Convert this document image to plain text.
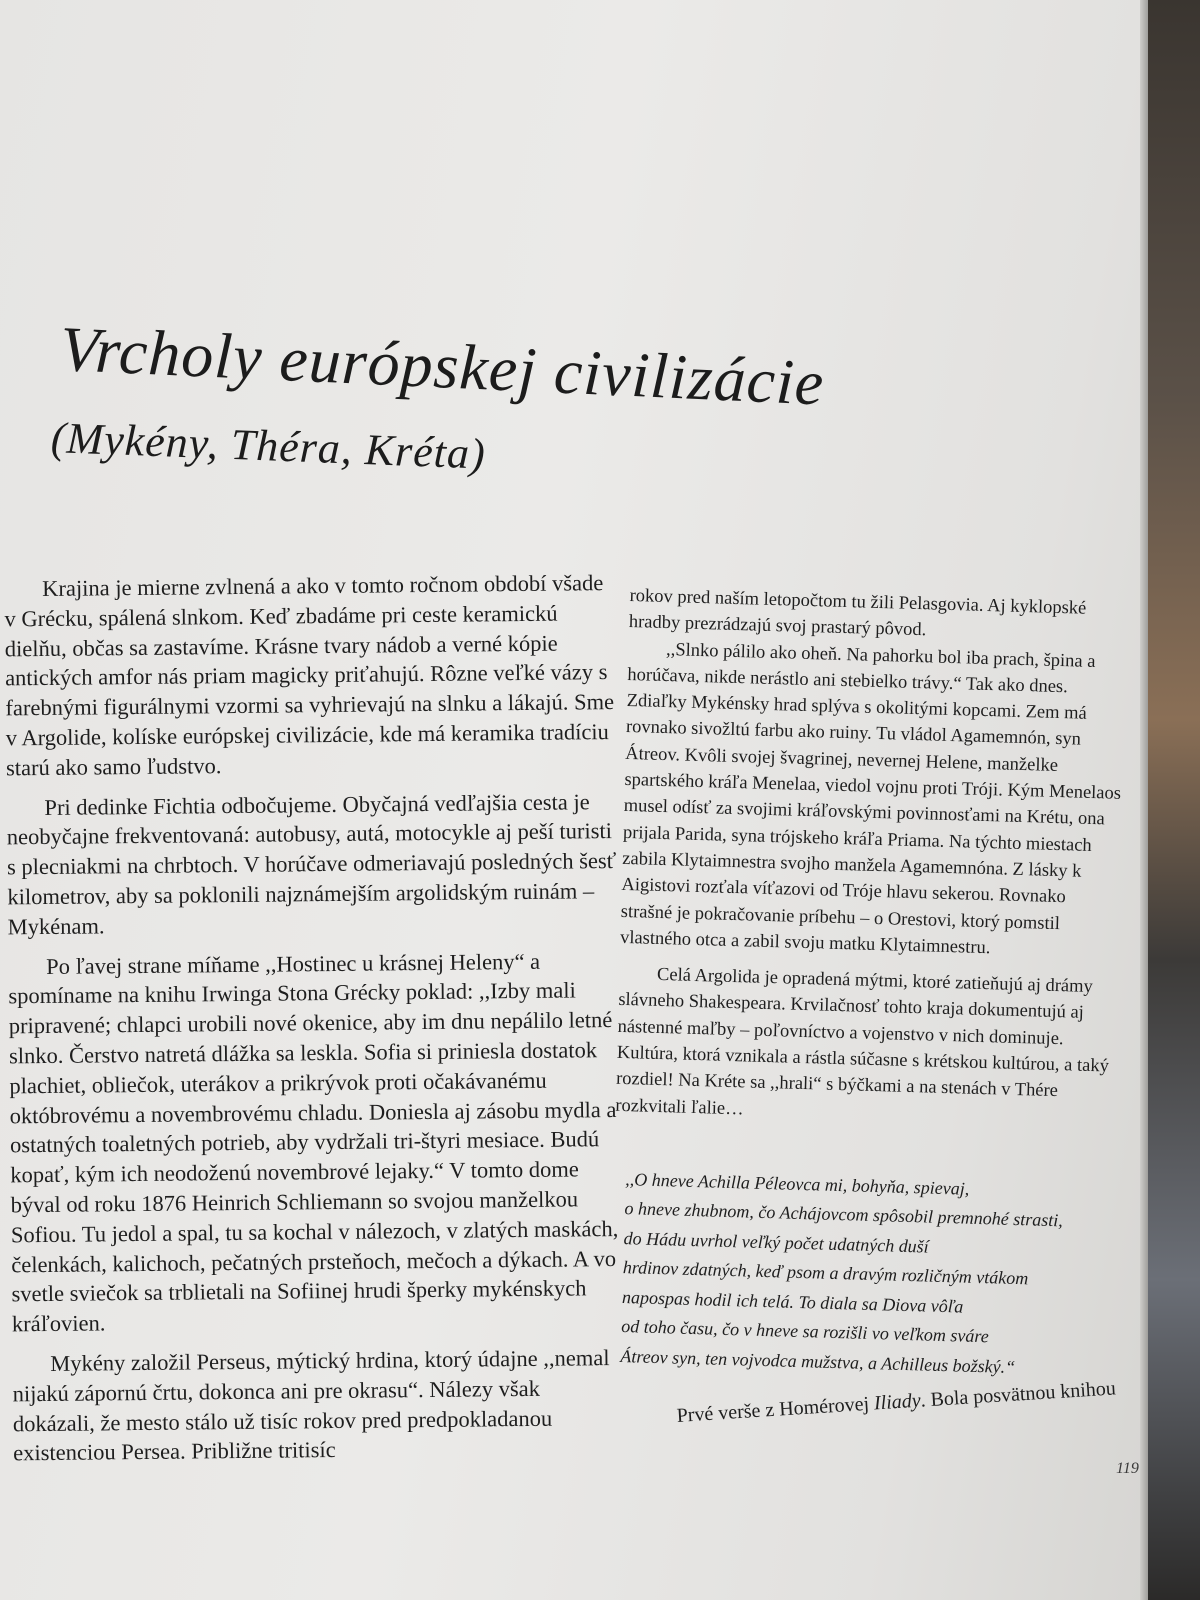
Vrcholy európskej civilizácie
(Mykény, Théra, Kréta)

Krajina je mierne zvlnená a ako v tomto ročnom období všade v Grécku, spálená slnkom. Keď zbadáme pri ceste keramickú dielňu, občas sa zastavíme. Krásne tvary nádob a verné kópie antických amfor nás priam magicky priťahujú. Rôzne veľké vázy s farebnými figurálnymi vzormi sa vyhrievajú na slnku a lákajú. Sme v Argolide, kolíske európskej civilizácie, kde má keramika tradíciu starú ako samo ľudstvo.

Pri dedinke Fichtia odbočujeme. Obyčajná vedľajšia cesta je neobyčajne frekventovaná: autobusy, autá, motocykle aj peší turisti s plecniakmi na chrbtoch. V horúčave odmeriavajú posledných šesť kilometrov, aby sa poklonili najznámejším argolidským ruinám – Mykénam.

Po ľavej strane míňame ,,Hostinec u krásnej Heleny“ a spomíname na knihu Irwinga Stona Grécky poklad: ,,Izby mali pripravené; chlapci urobili nové okenice, aby im dnu nepálilo letné slnko. Čerstvo natretá dlážka sa leskla. Sofia si priniesla dostatok plachiet, obliečok, uterákov a prikrývok proti očakávanému októbrovému a novembrovému chladu. Doniesla aj zásobu mydla a ostatných toaletných potrieb, aby vydržali tri-štyri mesiace. Budú kopať, kým ich neodoženú novembrové lejaky.“ V tomto dome býval od roku 1876 Heinrich Schliemann so svojou manželkou Sofiou. Tu jedol a spal, tu sa kochal v nálezoch, v zlatých maskách, čelenkách, kalichoch, pečatných prsteňoch, mečoch a dýkach. A vo svetle sviečok sa trblietali na Sofiinej hrudi šperky mykénskych kráľovien.

Mykény založil Perseus, mýtický hrdina, ktorý údajne ,,nemal nijakú zápornú črtu, dokonca ani pre okrasu“. Nálezy však dokázali, že mesto stálo už tisíc rokov pred predpokladanou existenciou Persea. Približne tritisíc

rokov pred naším letopočtom tu žili Pelasgovia. Aj kyklopské hradby prezrádzajú svoj prastarý pôvod.

,,Slnko pálilo ako oheň. Na pahorku bol iba prach, špina a horúčava, nikde nerástlo ani stebielko trávy.“ Tak ako dnes. Zdiaľky Mykénsky hrad splýva s okolitými kopcami. Zem má rovnako sivožltú farbu ako ruiny. Tu vládol Agamemnón, syn Átreov. Kvôli svojej švagrinej, nevernej Helene, manželke spartského kráľa Menelaa, viedol vojnu proti Tróji. Kým Menelaos musel odísť za svojimi kráľovskými povinnosťami na Krétu, ona prijala Parida, syna trójskeho kráľa Priama. Na týchto miestach zabila Klytaimnestra svojho manžela Agamemnóna. Z lásky k Aigistovi rozťala víťazovi od Tróje hlavu sekerou. Rovnako strašné je pokračovanie príbehu – o Orestovi, ktorý pomstil vlastného otca a zabil svoju matku Klytaimnestru.

Celá Argolida je opradená mýtmi, ktoré zatieňujú aj drámy slávneho Shakespeara. Krvilačnosť tohto kraja dokumentujú aj nástenné maľby – poľovníctvo a vojenstvo v nich dominuje. Kultúra, ktorá vznikala a rástla súčasne s krétskou kultúrou, a taký rozdiel! Na Kréte sa ,,hrali“ s býčkami a na stenách v Thére rozkvitali ľalie…

,,O hneve Achilla Péleovca mi, bohyňa, spievaj,
o hneve zhubnom, čo Achájovcom spôsobil premnohé strasti,
do Hádu uvrhol veľký počet udatných duší
hrdinov zdatných, keď psom a dravým rozličným vtákom
napospas hodil ich telá. To diala sa Diova vôľa
od toho času, čo v hneve sa rozišli vo veľkom sváre
Átreov syn, ten vojvodca mužstva, a Achilleus božský.“
Prvé verše z Homérovej Iliady. Bola posvätnou knihou
119
